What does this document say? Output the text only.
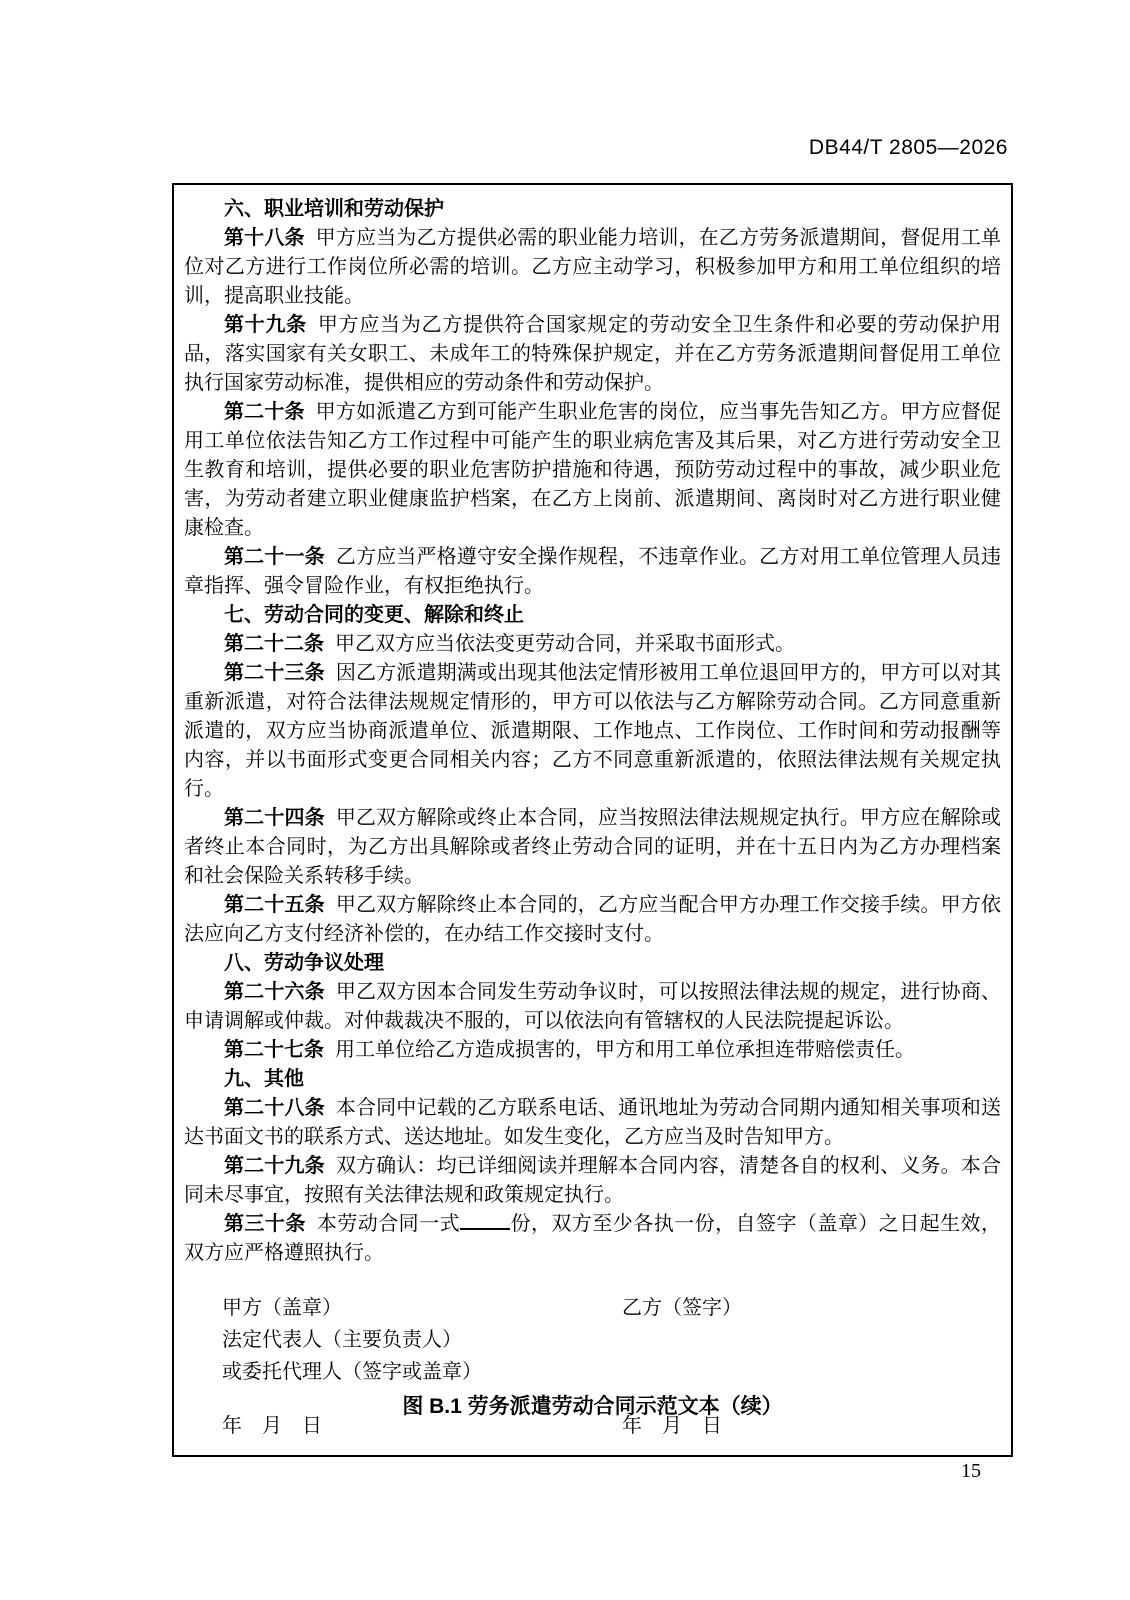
DB44/T 2805—2026

六、职业培训和劳动保护

第十八条 甲方应当为乙方提供必需的职业能力培训，在乙方劳务派遣期间，督促用工单位对乙方进行工作岗位所必需的培训。乙方应主动学习，积极参加甲方和用工单位组织的培训，提高职业技能。

第十九条 甲方应当为乙方提供符合国家规定的劳动安全卫生条件和必要的劳动保护用品，落实国家有关女职工、未成年工的特殊保护规定，并在乙方劳务派遣期间督促用工单位执行国家劳动标准，提供相应的劳动条件和劳动保护。

第二十条 甲方如派遣乙方到可能产生职业危害的岗位，应当事先告知乙方。甲方应督促用工单位依法告知乙方工作过程中可能产生的职业病危害及其后果，对乙方进行劳动安全卫生教育和培训，提供必要的职业危害防护措施和待遇，预防劳动过程中的事故，减少职业危害，为劳动者建立职业健康监护档案，在乙方上岗前、派遣期间、离岗时对乙方进行职业健康检查。

第二十一条 乙方应当严格遵守安全操作规程，不违章作业。乙方对用工单位管理人员违章指挥、强令冒险作业，有权拒绝执行。

七、劳动合同的变更、解除和终止

第二十二条 甲乙双方应当依法变更劳动合同，并采取书面形式。

第二十三条 因乙方派遣期满或出现其他法定情形被用工单位退回甲方的，甲方可以对其重新派遣，对符合法律法规规定情形的，甲方可以依法与乙方解除劳动合同。乙方同意重新派遣的，双方应当协商派遣单位、派遣期限、工作地点、工作岗位、工作时间和劳动报酬等内容，并以书面形式变更合同相关内容；乙方不同意重新派遣的，依照法律法规有关规定执行。

第二十四条 甲乙双方解除或终止本合同，应当按照法律法规规定执行。甲方应在解除或者终止本合同时，为乙方出具解除或者终止劳动合同的证明，并在十五日内为乙方办理档案和社会保险关系转移手续。

第二十五条 甲乙双方解除终止本合同的，乙方应当配合甲方办理工作交接手续。甲方依法应向乙方支付经济补偿的，在办结工作交接时支付。

八、劳动争议处理

第二十六条 甲乙双方因本合同发生劳动争议时，可以按照法律法规的规定，进行协商、申请调解或仲裁。对仲裁裁决不服的，可以依法向有管辖权的人民法院提起诉讼。

第二十七条 用工单位给乙方造成损害的，甲方和用工单位承担连带赔偿责任。

九、其他

第二十八条 本合同中记载的乙方联系电话、通讯地址为劳动合同期内通知相关事项和送达书面文书的联系方式、送达地址。如发生变化，乙方应当及时告知甲方。

第二十九条 双方确认：均已详细阅读并理解本合同内容，清楚各自的权利、义务。本合同未尽事宜，按照有关法律法规和政策规定执行。

第三十条 本劳动合同一式	份，双方至少各执一份，自签字（盖章）之日起生效，双方应严格遵照执行。

甲方（盖章）	乙方（签字）
法定代表人（主要负责人）
或委托代理人（签字或盖章）
年　月　日	年　月　日
图 B.1 劳务派遣劳动合同示范文本（续）
15
